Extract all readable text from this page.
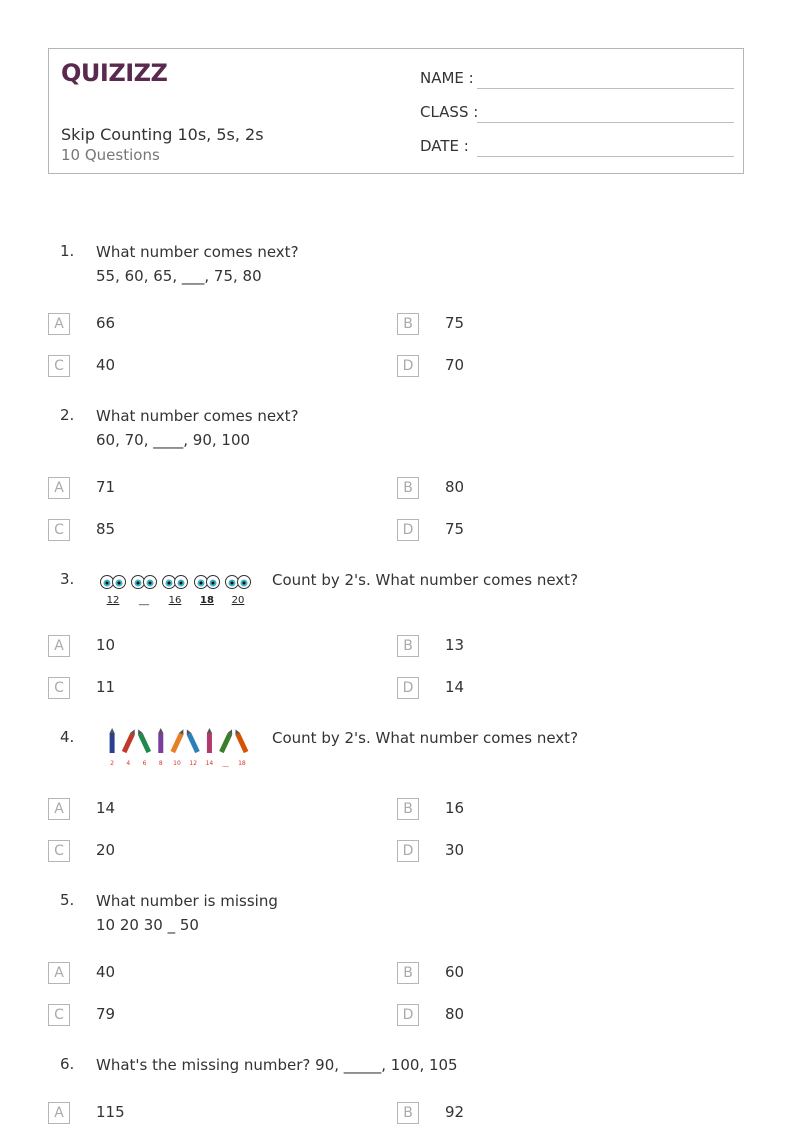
QUIZIZZ
Skip Counting 10s, 5s, 2s
10 Questions
NAME :
CLASS :
DATE :
1. What number comes next?
55, 60, 65, ___, 75, 80
A	66	B	75
C	40	D	70
2. What number comes next?
60, 70, ____, 90, 100
A	71	B	80
C	85	D	75
3.
12 __ 16 18 20
Count by 2's. What number comes next?
A	10	B	13
C	11	D	14
4.
2 4 6 8 10 12 14 __ 18
Count by 2's. What number comes next?
A	14	B	16
C	20	D	30
5. What number is missing
10 20 30 _ 50
A	40	B	60
C	79	D	80
6. What's the missing number? 90, _____, 100, 105
A	115	B	92
